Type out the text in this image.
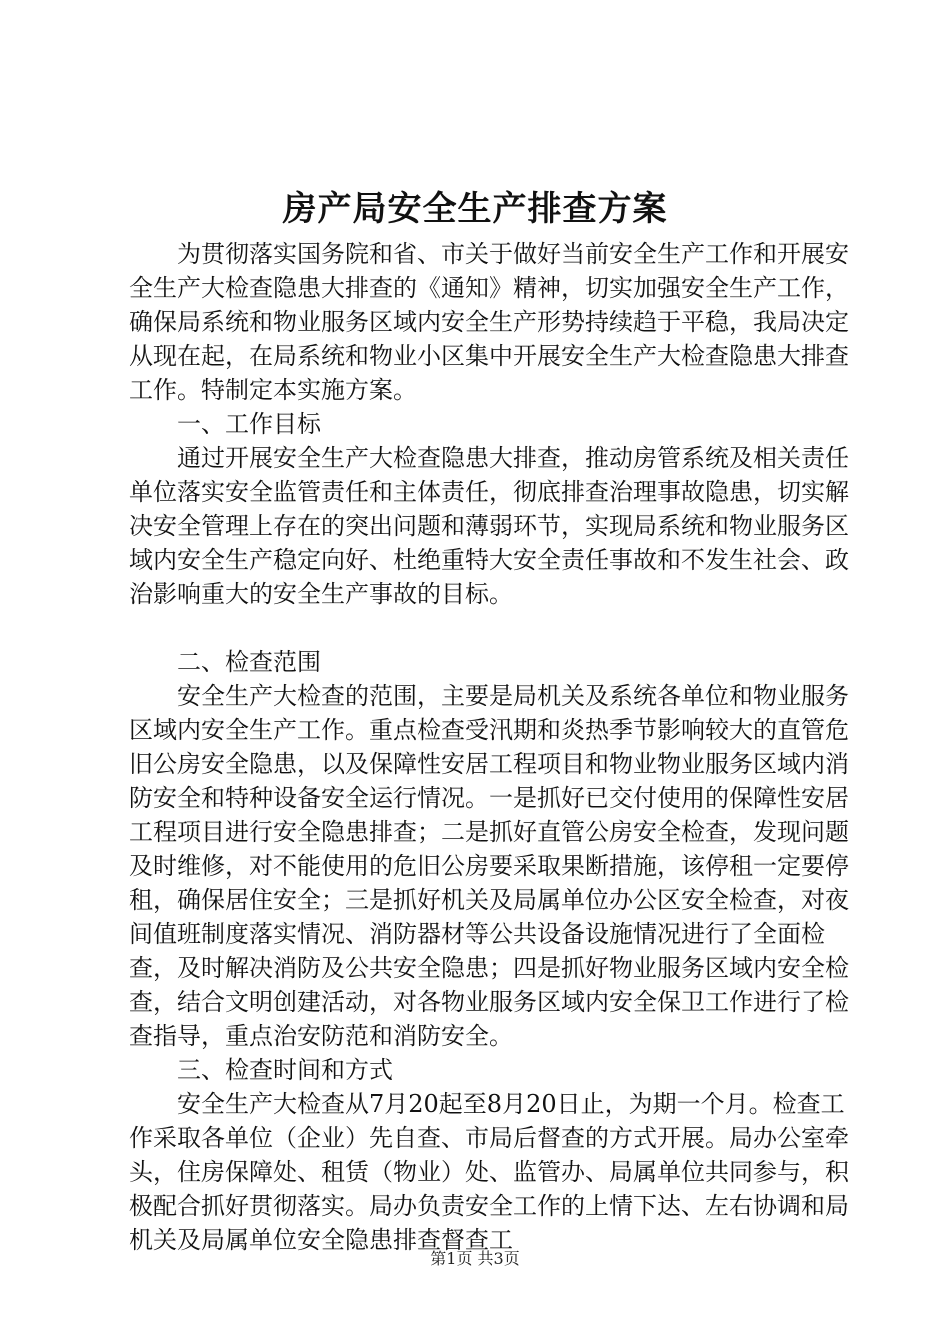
房产局安全生产排查方案

为贯彻落实国务院和省、市关于做好当前安全生产工作和开展安全生产大检查隐患大排查的《通知》精神，切实加强安全生产工作，确保局系统和物业服务区域内安全生产形势持续趋于平稳，我局决定从现在起，在局系统和物业小区集中开展安全生产大检查隐患大排查工作。特制定本实施方案。

一、工作目标

通过开展安全生产大检查隐患大排查，推动房管系统及相关责任单位落实安全监管责任和主体责任，彻底排查治理事故隐患，切实解决安全管理上存在的突出问题和薄弱环节，实现局系统和物业服务区域内安全生产稳定向好、杜绝重特大安全责任事故和不发生社会、政治影响重大的安全生产事故的目标。

二、检查范围

安全生产大检查的范围，主要是局机关及系统各单位和物业服务区域内安全生产工作。重点检查受汛期和炎热季节影响较大的直管危旧公房安全隐患，以及保障性安居工程项目和物业物业服务区域内消防安全和特种设备安全运行情况。一是抓好已交付使用的保障性安居工程项目进行安全隐患排查；二是抓好直管公房安全检查，发现问题及时维修，对不能使用的危旧公房要采取果断措施，该停租一定要停租，确保居住安全；三是抓好机关及局属单位办公区安全检查，对夜间值班制度落实情况、消防器材等公共设备设施情况进行了全面检查，及时解决消防及公共安全隐患；四是抓好物业服务区域内安全检查，结合文明创建活动，对各物业服务区域内安全保卫工作进行了检查指导，重点治安防范和消防安全。

三、检查时间和方式

安全生产大检查从7月20起至8月20日止，为期一个月。检查工作采取各单位（企业）先自查、市局后督查的方式开展。局办公室牵头，住房保障处、租赁（物业）处、监管办、局属单位共同参与，积极配合抓好贯彻落实。局办负责安全工作的上情下达、左右协调和局机关及局属单位安全隐患排查督查工

第1页 共3页
